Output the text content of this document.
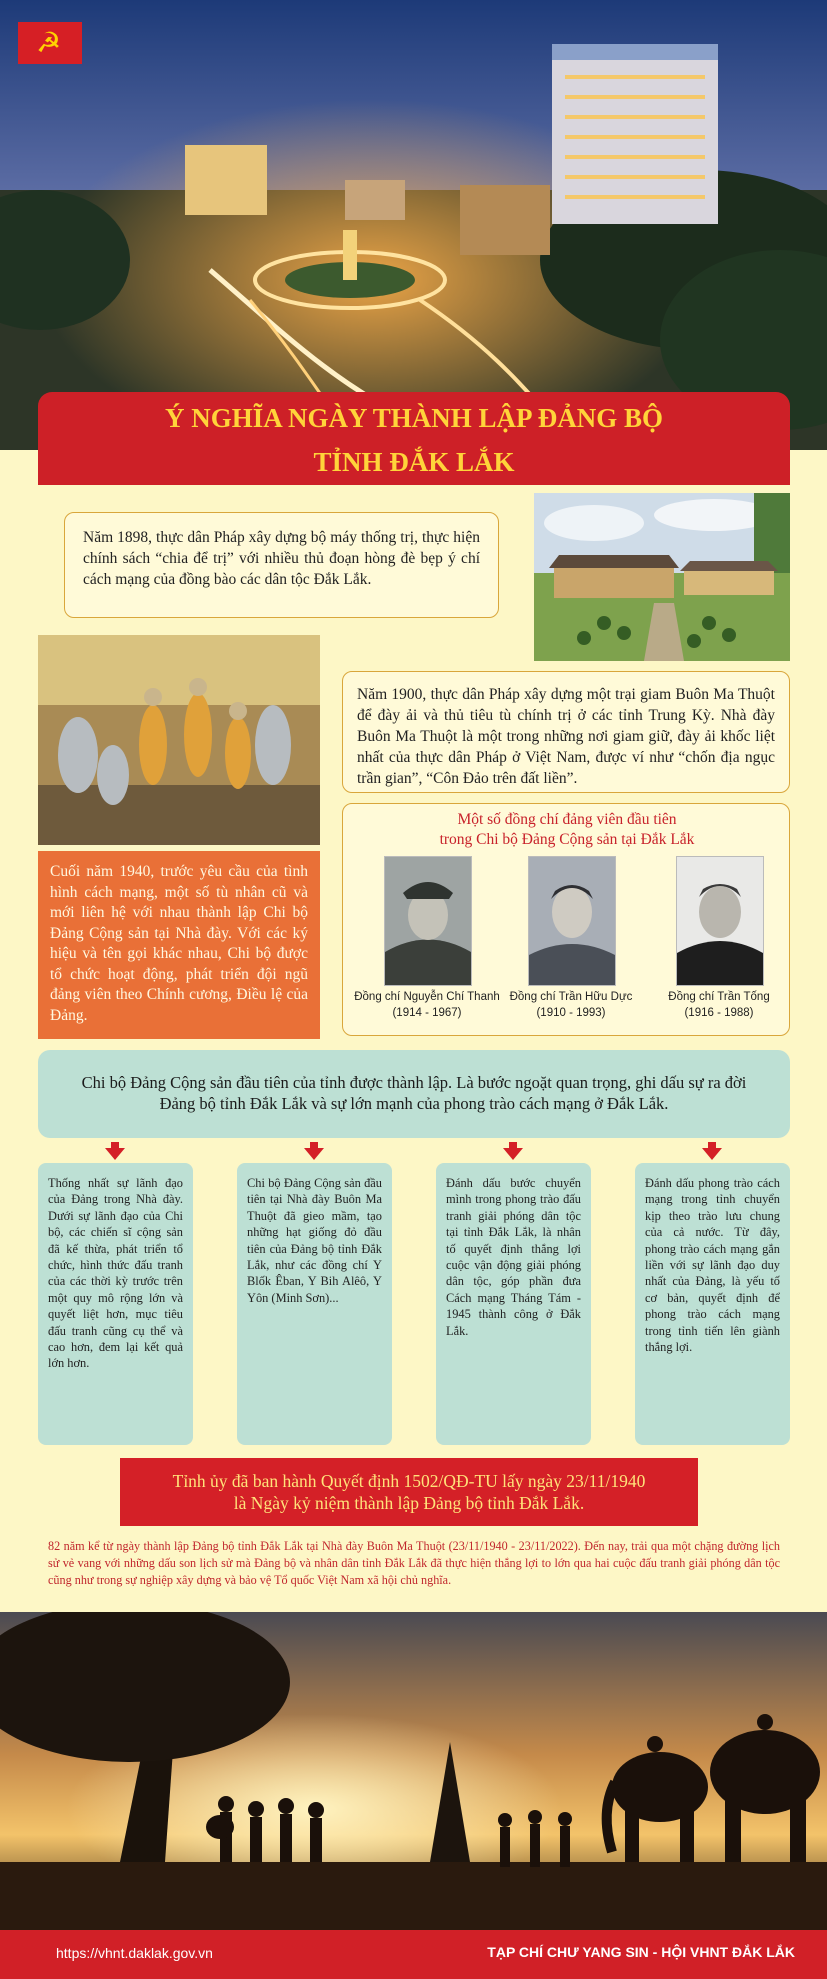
☭
Ý NGHĨA NGÀY THÀNH LẬP ĐẢNG BỘ
TỈNH ĐẮK LẮK
Năm 1898, thực dân Pháp xây dựng bộ máy thống trị, thực hiện chính sách “chia để trị” với nhiều thủ đoạn hòng đè bẹp ý chí cách mạng của đồng bào các dân tộc Đắk Lắk.
Năm 1900, thực dân Pháp xây dựng một trại giam Buôn Ma Thuột để đày ải và thủ tiêu tù chính trị ở các tỉnh Trung Kỳ. Nhà đày Buôn Ma Thuột là một trong những nơi giam giữ, đày ải khốc liệt nhất của thực dân Pháp ở Việt Nam, được ví như “chốn địa ngục trần gian”, “Côn Đảo trên đất liền”.
Cuối năm 1940, trước yêu cầu của tình hình cách mạng, một số tù nhân cũ và mới liên hệ với nhau thành lập Chi bộ Đảng Cộng sản tại Nhà đày. Với các ký hiệu và tên gọi khác nhau, Chi bộ được tổ chức hoạt động, phát triển đội ngũ đảng viên theo Chính cương, Điều lệ của Đảng.
Một số đồng chí đảng viên đầu tiên
trong Chi bộ Đảng Cộng sản tại Đắk Lắk
Đồng chí Nguyễn Chí Thanh
(1914 - 1967)
Đồng chí Trần Hữu Dực
(1910 - 1993)
Đồng chí Trần Tống
(1916 - 1988)
Chi bộ Đảng Cộng sản đầu tiên của tỉnh được thành lập. Là bước ngoặt quan trọng, ghi dấu sự ra đời Đảng bộ tỉnh Đắk Lắk và sự lớn mạnh của phong trào cách mạng ở Đắk Lắk.
Thống nhất sự lãnh đạo của Đảng trong Nhà đày. Dưới sự lãnh đạo của Chi bộ, các chiến sĩ cộng sản đã kế thừa, phát triển tổ chức, hình thức đấu tranh của các thời kỳ trước trên một quy mô rộng lớn và quyết liệt hơn, mục tiêu đấu tranh cũng cụ thể và cao hơn, đem lại kết quả lớn hơn.
Chi bộ Đảng Cộng sản đầu tiên tại Nhà đày Buôn Ma Thuột đã gieo mầm, tạo những hạt giống đỏ đầu tiên của Đảng bộ tỉnh Đắk Lắk, như các đồng chí Y Blốk Êban, Y Bih Alêô, Y Yôn (Minh Sơn)...
Đánh dấu bước chuyển mình trong phong trào đấu tranh giải phóng dân tộc tại tỉnh Đắk Lắk, là nhân tố quyết định thắng lợi cuộc vận động giải phóng dân tộc, góp phần đưa Cách mạng Tháng Tám - 1945 thành công ở Đắk Lắk.
Đánh dấu phong trào cách mạng trong tỉnh chuyển kịp theo trào lưu chung của cả nước. Từ đây, phong trào cách mạng gắn liền với sự lãnh đạo duy nhất của Đảng, là yếu tố cơ bản, quyết định để phong trào cách mạng trong tỉnh tiến lên giành thắng lợi.
Tỉnh ủy đã ban hành Quyết định 1502/QĐ-TU lấy ngày 23/11/1940
là Ngày kỷ niệm thành lập Đảng bộ tỉnh Đắk Lắk.
82 năm kể từ ngày thành lập Đảng bộ tỉnh Đắk Lắk tại Nhà đày Buôn Ma Thuột (23/11/1940 - 23/11/2022). Đến nay, trải qua một chặng đường lịch sử vẻ vang với những dấu son lịch sử mà Đảng bộ và nhân dân tỉnh Đắk Lắk đã thực hiện thắng lợi to lớn qua hai cuộc đấu tranh giải phóng dân tộc cũng như trong sự nghiệp xây dựng và bảo vệ Tổ quốc Việt Nam xã hội chủ nghĩa.
https://vhnt.daklak.gov.vn	TẠP CHÍ CHƯ YANG SIN - HỘI VHNT ĐẮK LẮK
